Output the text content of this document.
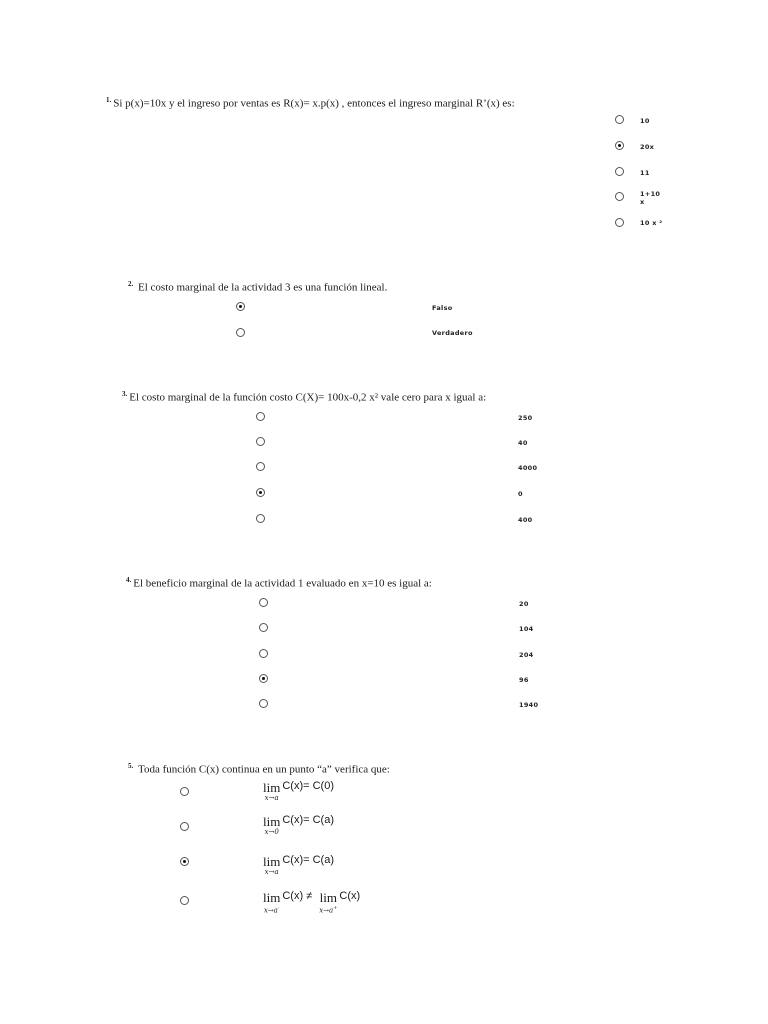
$^{1.}$ Si p(x)=10x y el ingreso por ventas es R(x)= x.p(x) , entonces el ingreso marginal R’(x) es:
10
20x
11
1+10
x
10 x ²
$^{2.}$ El costo marginal de la actividad 3 es una función lineal.
Falso
Verdadero
$^{3.}$ El costo marginal de la función costo C(X)= 100x-0,2 x² vale cero para x igual a:
250
40
4000
0
400
$^{4.}$ El beneficio marginal de la actividad 1 evaluado en x=10 es igual a:
20
104
204
96
1940
$^{5.}$ Toda función C(x) continua en un punto “a” verifica que:
lim
x→a
C(x)= C(0)
lim
x→0
C(x)= C(a)
lim
x→a
C(x)= C(a)
lim
x→a-
C(x) ≠ lim
x→a+
C(x)
